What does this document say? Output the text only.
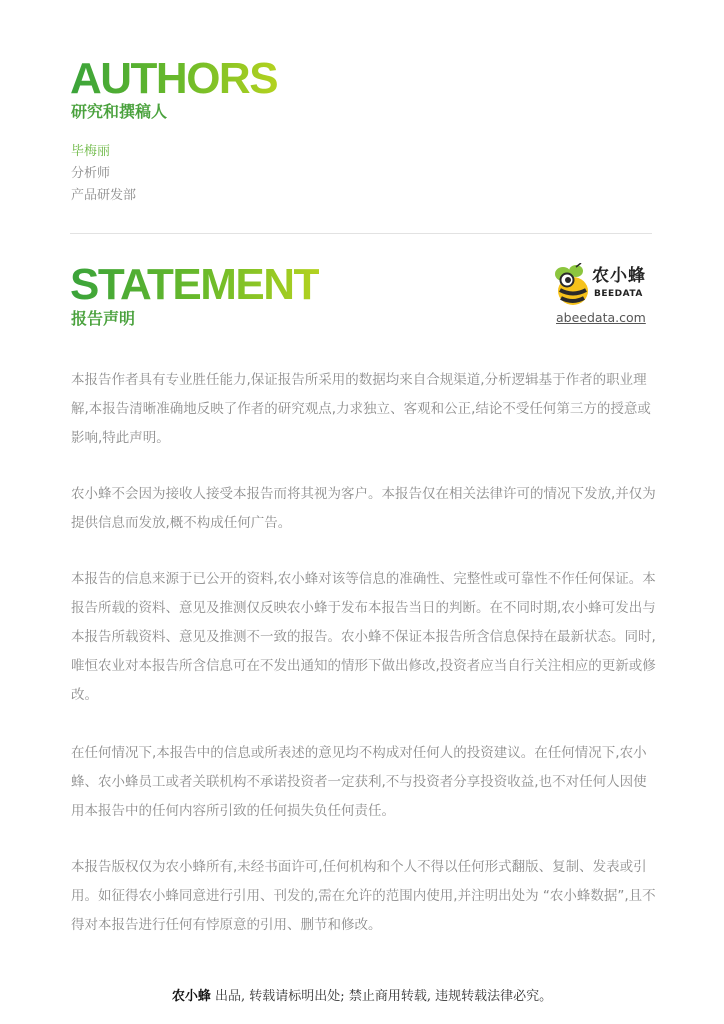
AUTHORS
研究和撰稿人

毕梅丽

分析师

产品研发部

STATEMENT
报告声明

农小蜂

BEEDATA

abeedata.com

本报告作者具有专业胜任能力,保证报告所采用的数据均来自合规渠道,分析逻辑基于作者的职业理解,本报告清晰准确地反映了作者的研究观点,力求独立、客观和公正,结论不受任何第三方的授意或影响,特此声明。

农小蜂不会因为接收人接受本报告而将其视为客户。本报告仅在相关法律许可的情况下发放,并仅为提供信息而发放,概不构成任何广告。

本报告的信息来源于已公开的资料,农小蜂对该等信息的准确性、完整性或可靠性不作任何保证。本报告所载的资料、意见及推测仅反映农小蜂于发布本报告当日的判断。在不同时期,农小蜂可发出与本报告所载资料、意见及推测不一致的报告。农小蜂不保证本报告所含信息保持在最新状态。同时,唯恒农业对本报告所含信息可在不发出通知的情形下做出修改,投资者应当自行关注相应的更新或修改。

在任何情况下,本报告中的信息或所表述的意见均不构成对任何人的投资建议。在任何情况下,农小蜂、农小蜂员工或者关联机构不承诺投资者一定获利,不与投资者分享投资收益,也不对任何人因使用本报告中的任何内容所引致的任何损失负任何责任。

本报告版权仅为农小蜂所有,未经书面许可,任何机构和个人不得以任何形式翻版、复制、发表或引用。如征得农小蜂同意进行引用、刊发的,需在允许的范围内使用,并注明出处为 “农小蜂数据”,且不得对本报告进行任何有悖原意的引用、删节和修改。

农小蜂 出品, 转载请标明出处; 禁止商用转载, 违规转载法律必究。
